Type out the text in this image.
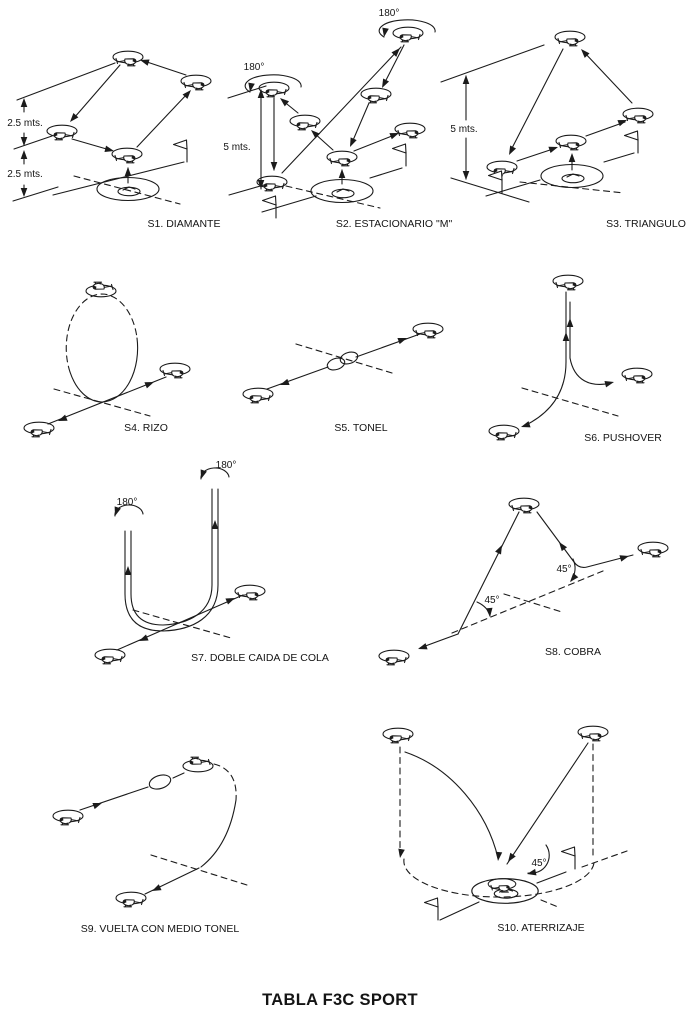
2.5 mts.
2.5 mts.
S1. DIAMANTE
180°
180°
5 mts.
S2. ESTACIONARIO "M"
5 mts.
S3. TRIANGULO
S4. RIZO	S5. TONEL
S6. PUSHOVER
180°
180°
S7. DOBLE CAIDA DE COLA
45°
45°
S8. COBRA
S9. VUELTA CON MEDIO TONEL
45°
S10. ATERRIZAJE
TABLA F3C SPORT
